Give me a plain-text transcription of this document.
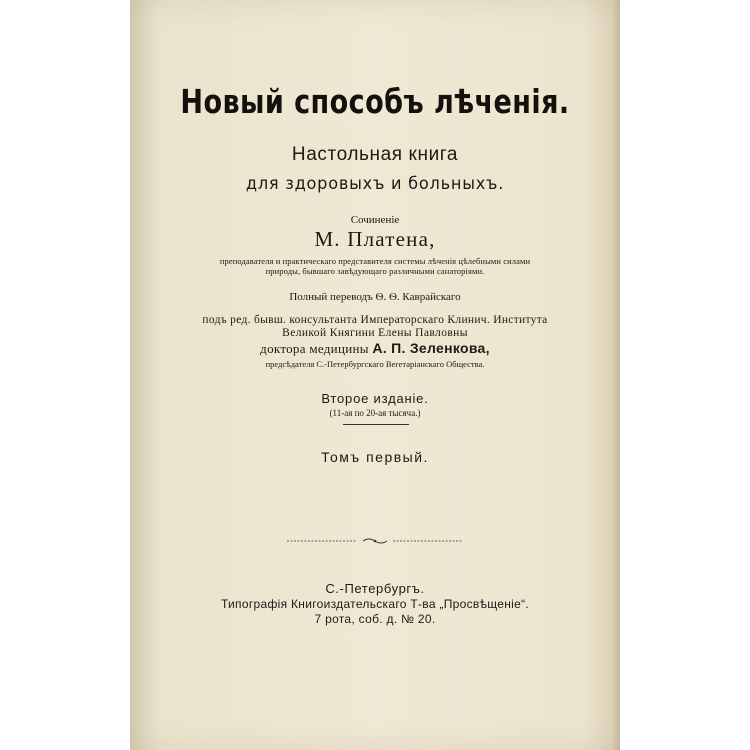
Новый способъ лѣченія.
Настольная книга
для здоровыхъ и больныхъ.
Сочиненіе
М. Платена,
преподавателя и практическаго представителя системы лѣченія цѣлебными силами
природы, бывшаго завѣдующаго различными санаторіями.
Полный переводъ Ѳ. Ѳ. Каврайскаго
подъ ред. бывш. консультанта Императорскаго Клинич. Института
Великой Княгини Елены Павловны
доктора медицины А. П. Зеленкова,
предсѣдателя С.-Петербургскаго Вегетаріанскаго Общества.
Второе изданіе.
(11-ая по 20-ая тысяча.)
Томъ первый.
С.-Петербургъ.
Типографія Книгоиздательскаго Т-ва „Просвѣщеніе“.
7 рота, соб. д. № 20.
